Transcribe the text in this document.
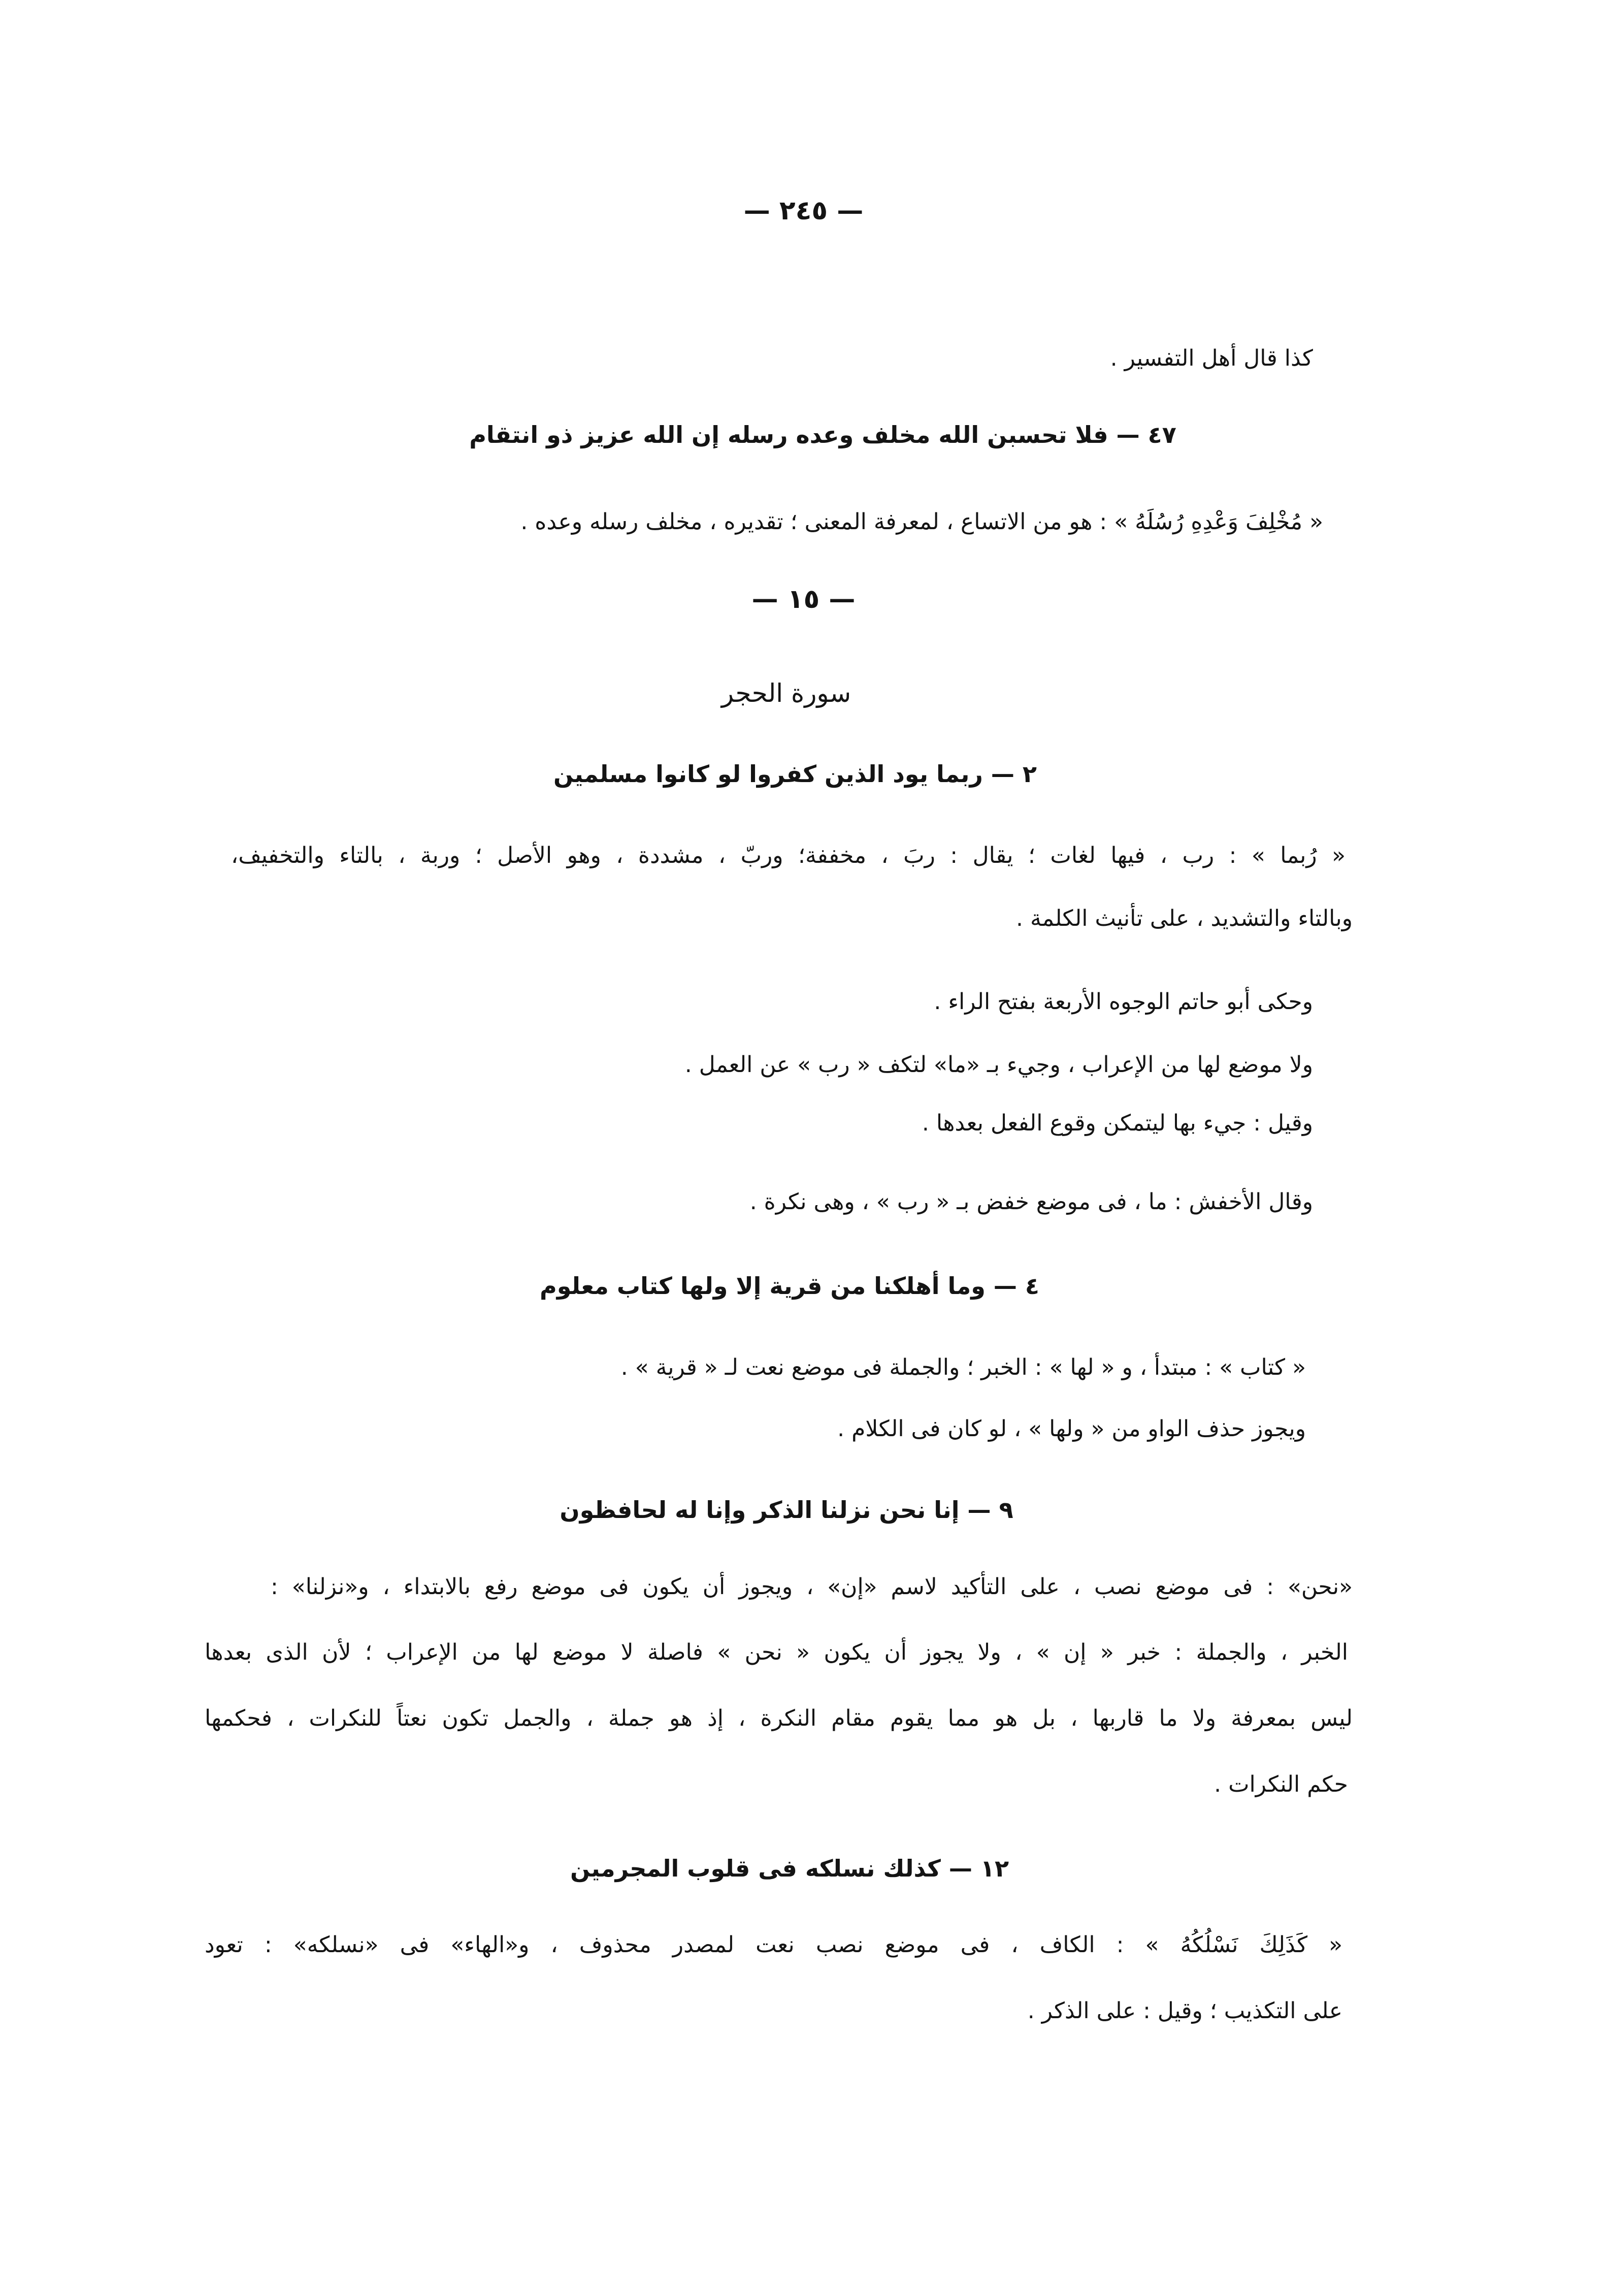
— ٢٤٥ —
كذا قال أهل التفسير .
٤٧ — فلا تحسبن الله مخلف وعده رسله إن الله عزيز ذو انتقام
« مُخْلِفَ وَعْدِهِ رُسُلَهُ » : هو من الاتساع ، لمعرفة المعنى ؛ تقديره ، مخلف رسله وعده .
— ١٥ —
سورة الحجر
٢ — ربما يود الذين كفروا لو كانوا مسلمين
« رُبما » : رب ، فيها لغات ؛ يقال : ربَ ، مخففة؛ وربّ ، مشددة ، وهو الأصل ؛ وربة ، بالتاء والتخفيف،
وبالتاء والتشديد ، على تأنيث الكلمة .
وحكى أبو حاتم الوجوه الأربعة بفتح الراء .
ولا موضع لها من الإعراب ، وجيء بـ «ما» لتكف « رب » عن العمل .
وقيل : جيء بها ليتمكن وقوع الفعل بعدها .
وقال الأخفش : ما ، فى موضع خفض بـ « رب » ، وهى نكرة .
٤ — وما أهلكنا من قرية إلا ولها كتاب معلوم
« كتاب » : مبتدأ ، و « لها » : الخبر ؛ والجملة فى موضع نعت لـ « قرية » .
ويجوز حذف الواو من « ولها » ، لو كان فى الكلام .
٩ — إنا نحن نزلنا الذكر وإنا له لحافظون
«نحن» : فى موضع نصب ، على التأكيد لاسم «إن» ، ويجوز أن يكون فى موضع رفع بالابتداء ، و«نزلنا» :
الخبر ، والجملة : خبر « إن » ، ولا يجوز أن يكون « نحن » فاصلة لا موضع لها من الإعراب ؛ لأن الذى بعدها
ليس بمعرفة ولا ما قاربها ، بل هو مما يقوم مقام النكرة ، إذ هو جملة ، والجمل تكون نعتاً للنكرات ، فحكمها
حكم النكرات .
١٢ — كذلك نسلكه فى قلوب المجرمين
« كَذَلِكَ نَسْلُكُهُ » : الكاف ، فى موضع نصب نعت لمصدر محذوف ، و«الهاء» فى «نسلكه» : تعود
على التكذيب ؛ وقيل : على الذكر .
